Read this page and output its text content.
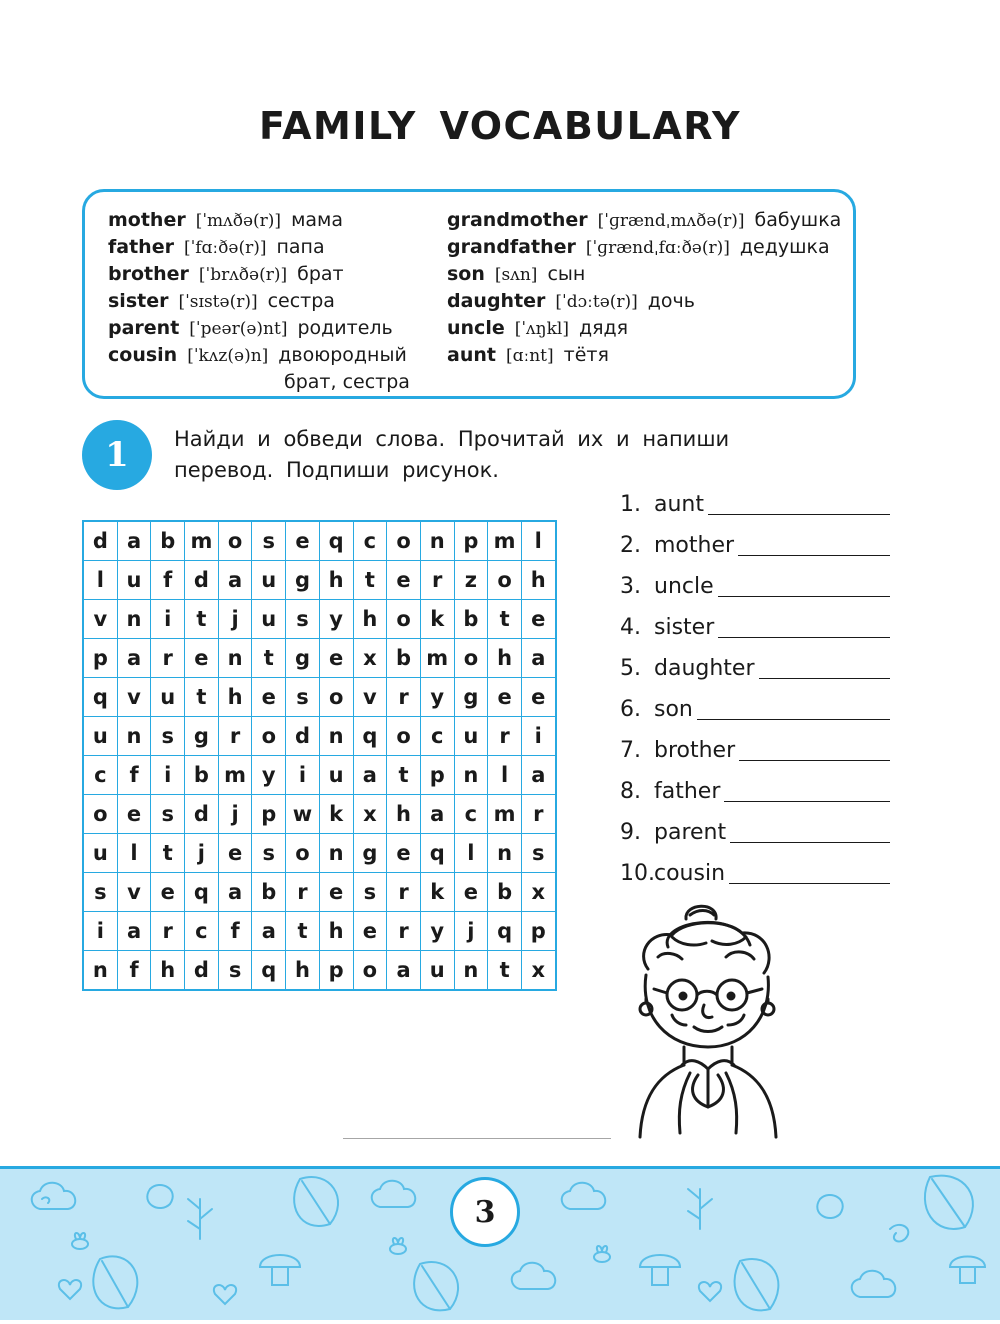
FAMILY VOCABULARY
mother [ˈmʌðə(r)] мама
father [ˈfɑːðə(r)] папа
brother [ˈbrʌðə(r)] брат
sister [ˈsɪstə(r)] сестра
parent [ˈpeər(ə)nt] родитель
cousin [ˈkʌz(ə)n] двоюродный
брат, сестра
grandmother [ˈɡrændˌmʌðə(r)] бабушка
grandfather [ˈɡrændˌfɑːðə(r)] дедушка
son [sʌn] сын
daughter [ˈdɔːtə(r)] дочь
uncle [ˈʌŋkl] дядя
aunt [ɑːnt] тётя
1	Найди и обведи слова. Прочитай их и напиши
перевод. Подпиши рисунок.
d	a	b	m	o	s	e	q	c	o	n	p	m	l
l	u	f	d	a	u	g	h	t	e	r	z	o	h
v	n	i	t	j	u	s	y	h	o	k	b	t	e
p	a	r	e	n	t	g	e	x	b	m	o	h	a
q	v	u	t	h	e	s	o	v	r	y	g	e	e
u	n	s	g	r	o	d	n	q	o	c	u	r	i
c	f	i	b	m	y	i	u	a	t	p	n	l	a
o	e	s	d	j	p	w	k	x	h	a	c	m	r
u	l	t	j	e	s	o	n	g	e	q	l	n	s
s	v	e	q	a	b	r	e	s	r	k	e	b	x
i	a	r	c	f	a	t	h	e	r	y	j	q	p
n	f	h	d	s	q	h	p	o	a	u	n	t	x
1. aunt
2. mother
3. uncle
4. sister
5. daughter
6. son
7. brother
8. father
9. parent
10.cousin
3
